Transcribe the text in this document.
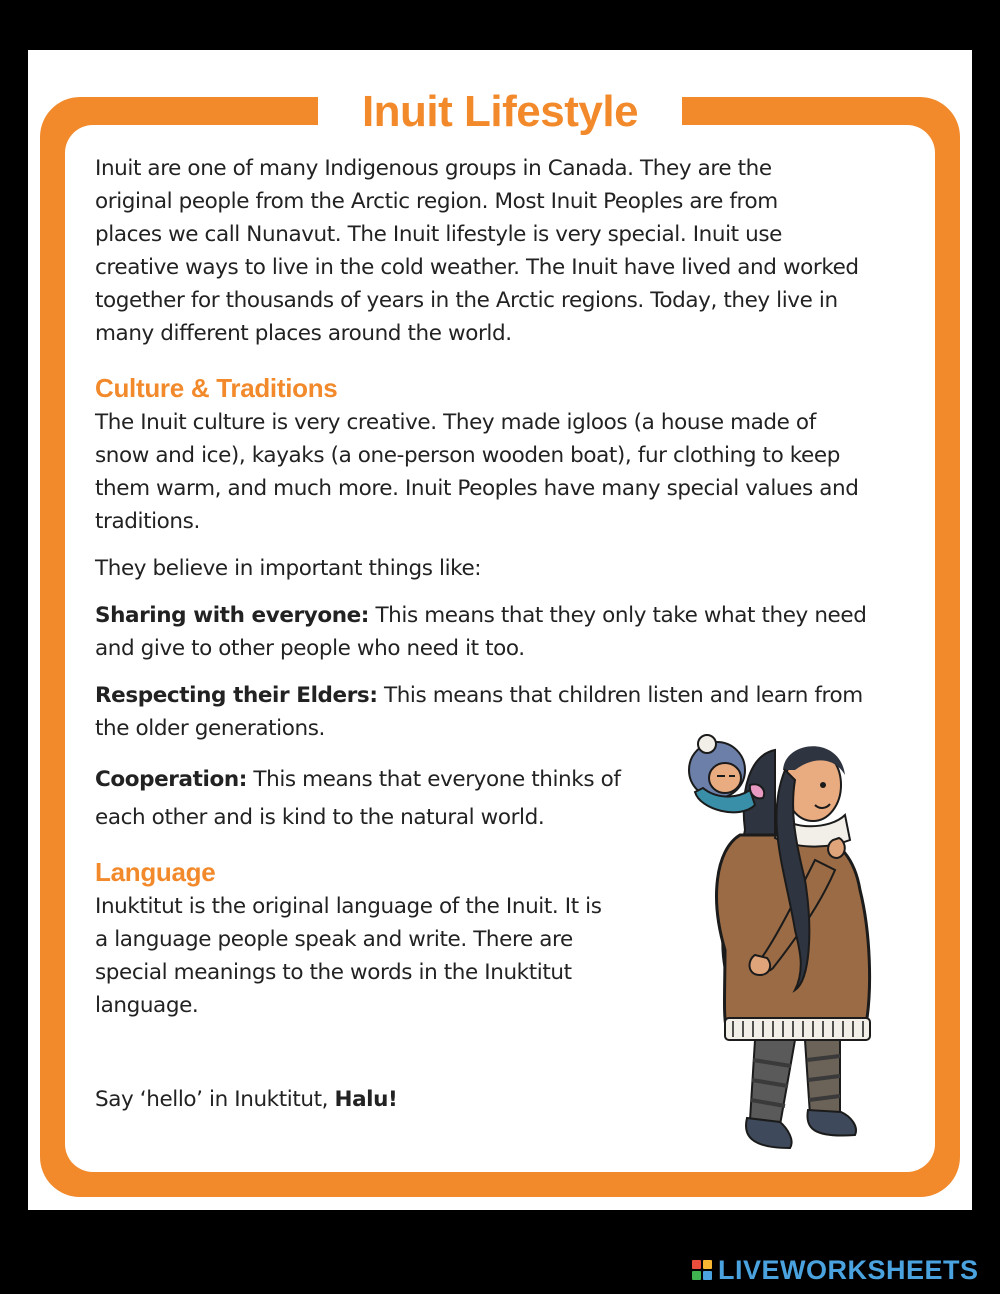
Inuit Lifestyle
Inuit are one of many Indigenous groups in Canada. They are the
original people from the Arctic region. Most Inuit Peoples are from
places we call Nunavut. The Inuit lifestyle is very special. Inuit use
creative ways to live in the cold weather. The Inuit have lived and worked
together for thousands of years in the Arctic regions. Today, they live in
many different places around the world.
Culture & Traditions
The Inuit culture is very creative. They made igloos (a house made of
snow and ice), kayaks (a one-person wooden boat), fur clothing to keep
them warm, and much more. Inuit Peoples have many special values and
traditions.
They believe in important things like:
Sharing with everyone: This means that they only take what they need
and give to other people who need it too.
Respecting their Elders: This means that children listen and learn from
the older generations.
Cooperation: This means that everyone thinks of
each other and is kind to the natural world.
Language
Inuktitut is the original language of the Inuit. It is
a language people speak and write. There are
special meanings to the words in the Inuktitut
language.
Say ‘hello’ in Inuktitut, Halu!
LIVEWORKSHEETS
